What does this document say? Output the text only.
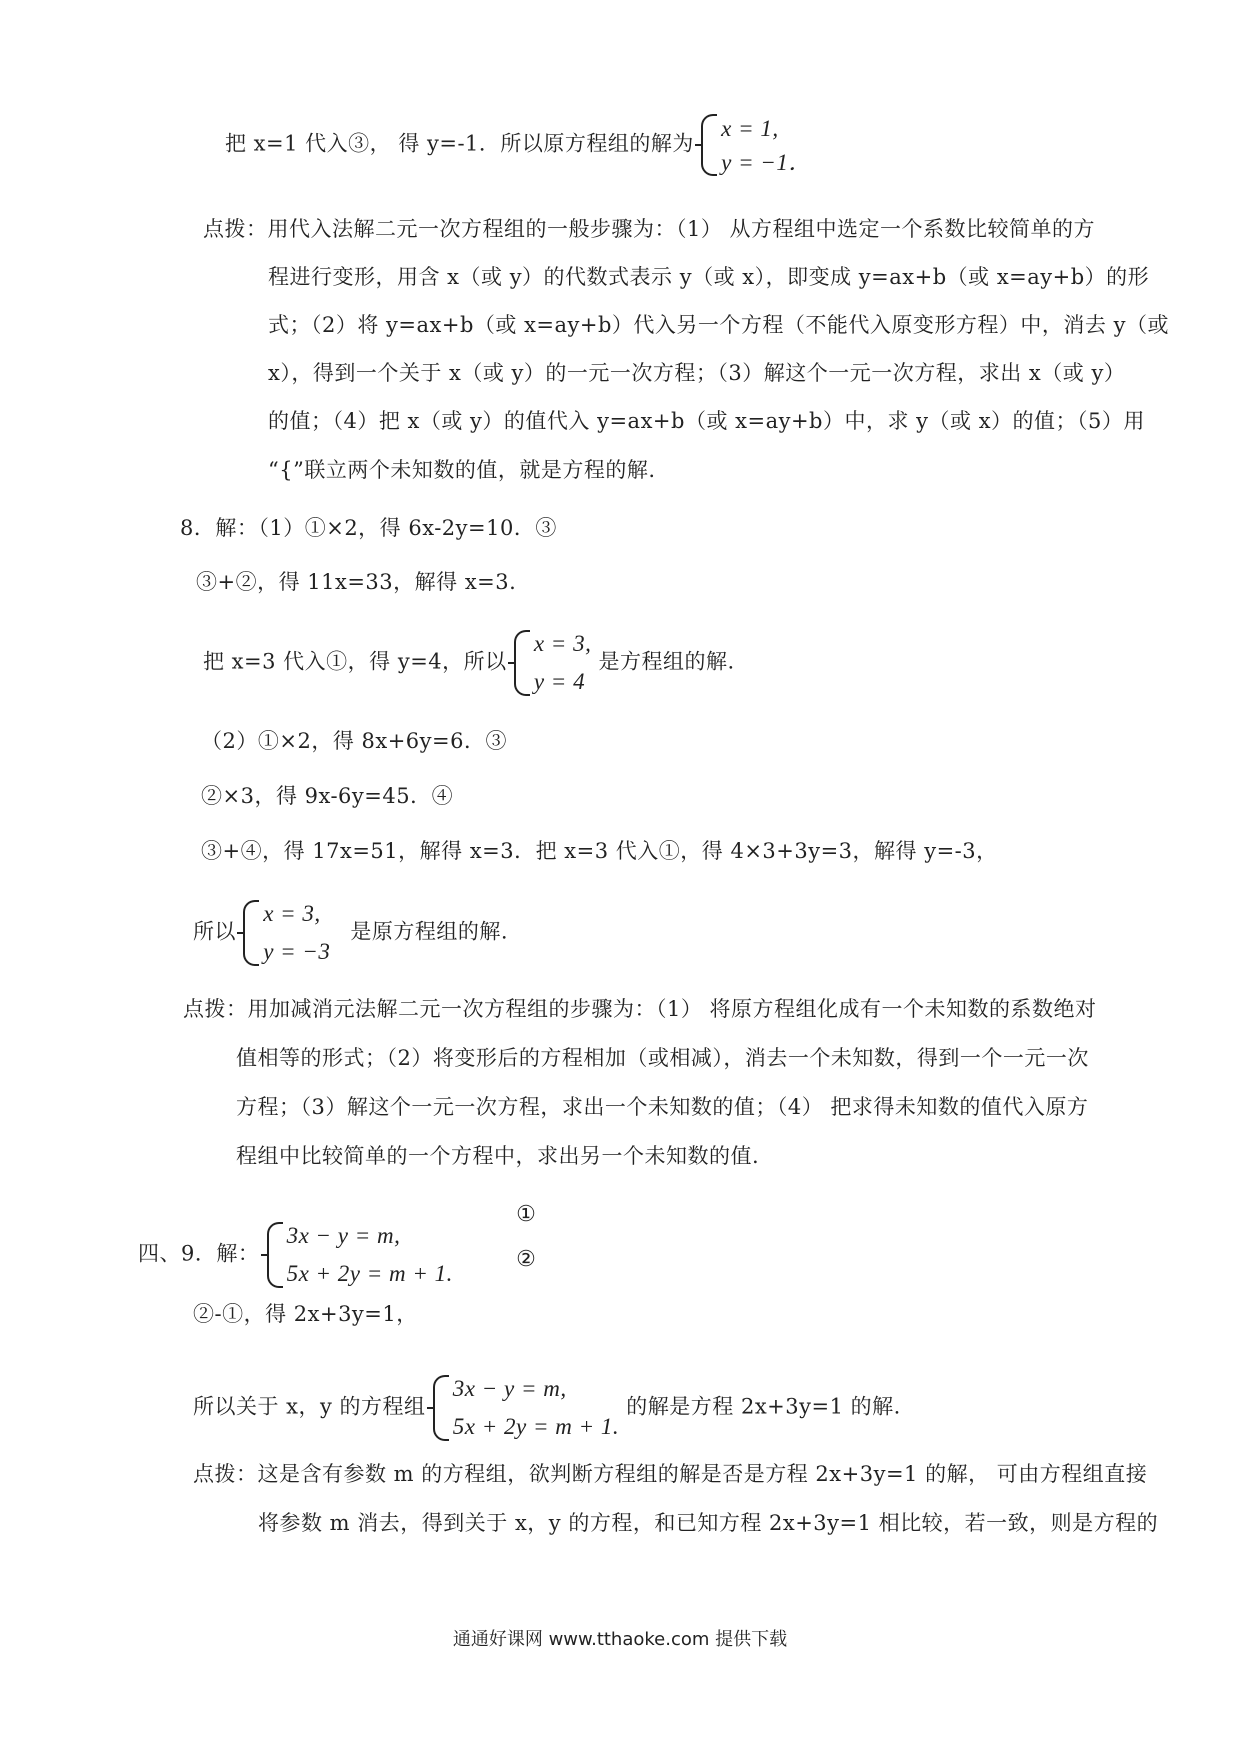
把 x=1 代入③， 得 y=-1．所以原方程组的解为
x = 1,
y = −1．
点拨：用代入法解二元一次方程组的一般步骤为：（1） 从方程组中选定一个系数比较简单的方
程进行变形，用含 x（或 y）的代数式表示 y（或 x），即变成 y=ax+b（或 x=ay+b）的形
式；（2）将 y=ax+b（或 x=ay+b）代入另一个方程（不能代入原变形方程）中，消去 y（或
x），得到一个关于 x（或 y）的一元一次方程；（3）解这个一元一次方程，求出 x（或 y）
的值；（4）把 x（或 y）的值代入 y=ax+b（或 x=ay+b）中，求 y（或 x）的值；（5）用
“{”联立两个未知数的值，就是方程的解.
8．解：（1）①×2，得 6x-2y=10．③
③+②，得 11x=33，解得 x=3.
把 x=3 代入①，得 y=4，所以
x = 3,
y = 4
是方程组的解.
（2）①×2，得 8x+6y=6．③
②×3，得 9x-6y=45．④
③+④，得 17x=51，解得 x=3．把 x=3 代入①，得 4×3+3y=3，解得 y=-3，
所以
x = 3,
y = −3
是原方程组的解.
点拨：用加减消元法解二元一次方程组的步骤为：（1） 将原方程组化成有一个未知数的系数绝对
值相等的形式；（2）将变形后的方程相加（或相减），消去一个未知数，得到一个一元一次
方程；（3）解这个一元一次方程，求出一个未知数的值；（4） 把求得未知数的值代入原方
程组中比较简单的一个方程中，求出另一个未知数的值.
四、9．解：
3x − y = m,
5x + 2y = m + 1.
①
②
②-①，得 2x+3y=1，
所以关于 x，y 的方程组
3x − y = m,
5x + 2y = m + 1.
的解是方程 2x+3y=1 的解.
点拨：这是含有参数 m 的方程组，欲判断方程组的解是否是方程 2x+3y=1 的解， 可由方程组直接
将参数 m 消去，得到关于 x，y 的方程，和已知方程 2x+3y=1 相比较，若一致，则是方程的
通通好课网 www.tthaoke.com 提供下载
